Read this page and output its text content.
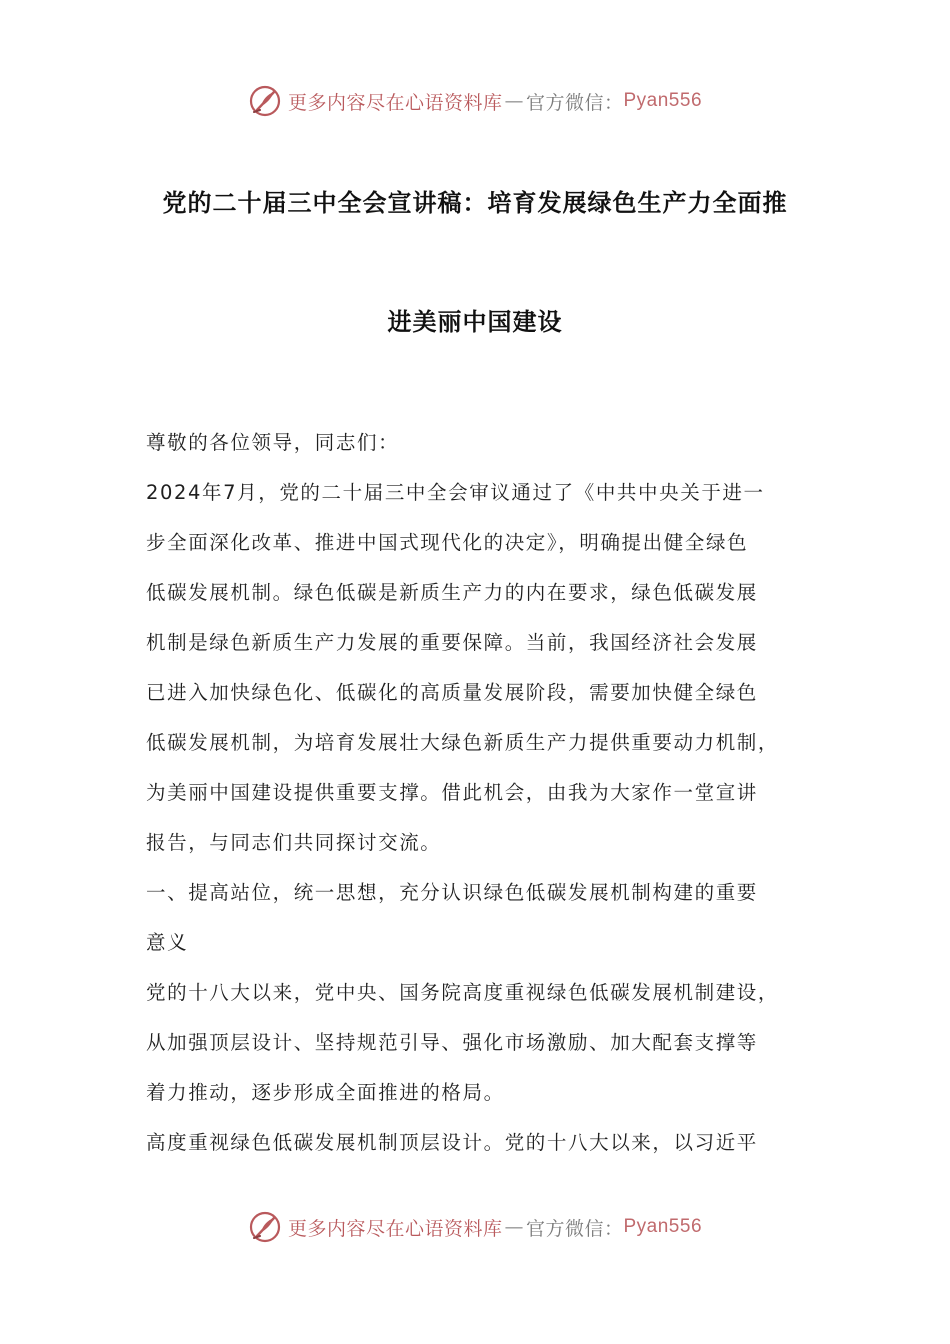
更多内容尽在心语资料库 — 官方微信： Pyan556
党的二十届三中全会宣讲稿：培育发展绿色生产力全面推
进美丽中国建设

尊敬的各位领导，同志们：

2024年7月，党的二十届三中全会审议通过了《中共中央关于进一

步全面深化改革、推进中国式现代化的决定》，明确提出健全绿色

低碳发展机制。绿色低碳是新质生产力的内在要求，绿色低碳发展

机制是绿色新质生产力发展的重要保障。当前，我国经济社会发展

已进入加快绿色化、低碳化的高质量发展阶段，需要加快健全绿色

低碳发展机制，为培育发展壮大绿色新质生产力提供重要动力机制，

为美丽中国建设提供重要支撑。借此机会，由我为大家作一堂宣讲

报告，与同志们共同探讨交流。

一、提高站位，统一思想，充分认识绿色低碳发展机制构建的重要

意义

党的十八大以来，党中央、国务院高度重视绿色低碳发展机制建设，

从加强顶层设计、坚持规范引导、强化市场激励、加大配套支撑等

着力推动，逐步形成全面推进的格局。

高度重视绿色低碳发展机制顶层设计。党的十八大以来，以习近平

更多内容尽在心语资料库 — 官方微信： Pyan556
